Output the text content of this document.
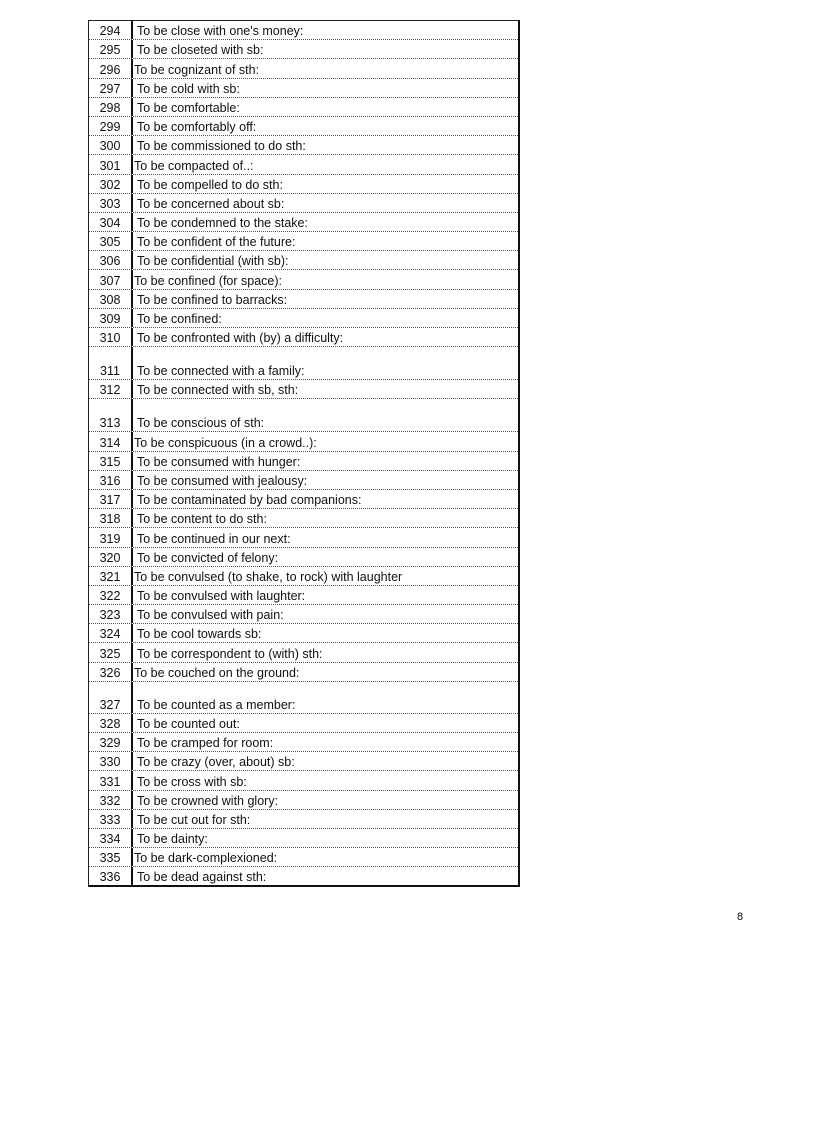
294	To be close with one's money:
295	To be closeted with sb:
296	To be cognizant of sth:
297	To be cold with sb:
298	To be comfortable:
299	To be comfortably off:
300	To be commissioned to do sth:
301	To be compacted of..:
302	To be compelled to do sth:
303	To be concerned about sb:
304	To be condemned to the stake:
305	To be confident of the future:
306	To be confidential (with sb):
307	To be confined (for space):
308	To be confined to barracks:
309	To be confined:
310	To be confronted with (by) a difficulty:
311	To be connected with a family:
312	To be connected with sb, sth:
313	To be conscious of sth:
314	To be conspicuous (in a crowd..):
315	To be consumed with hunger:
316	To be consumed with jealousy:
317	To be contaminated by bad companions:
318	To be content to do sth:
319	To be continued in our next:
320	To be convicted of felony:
321	To be convulsed (to shake, to rock) with laughter
322	To be convulsed with laughter:
323	To be convulsed with pain:
324	To be cool towards sb:
325	To be correspondent to (with) sth:
326	To be couched on the ground:
327	To be counted as a member:
328	To be counted out:
329	To be cramped for room:
330	To be crazy (over, about) sb:
331	To be cross with sb:
332	To be crowned with glory:
333	To be cut out for sth:
334	To be dainty:
335	To be dark-complexioned:
336	To be dead against sth:
8
